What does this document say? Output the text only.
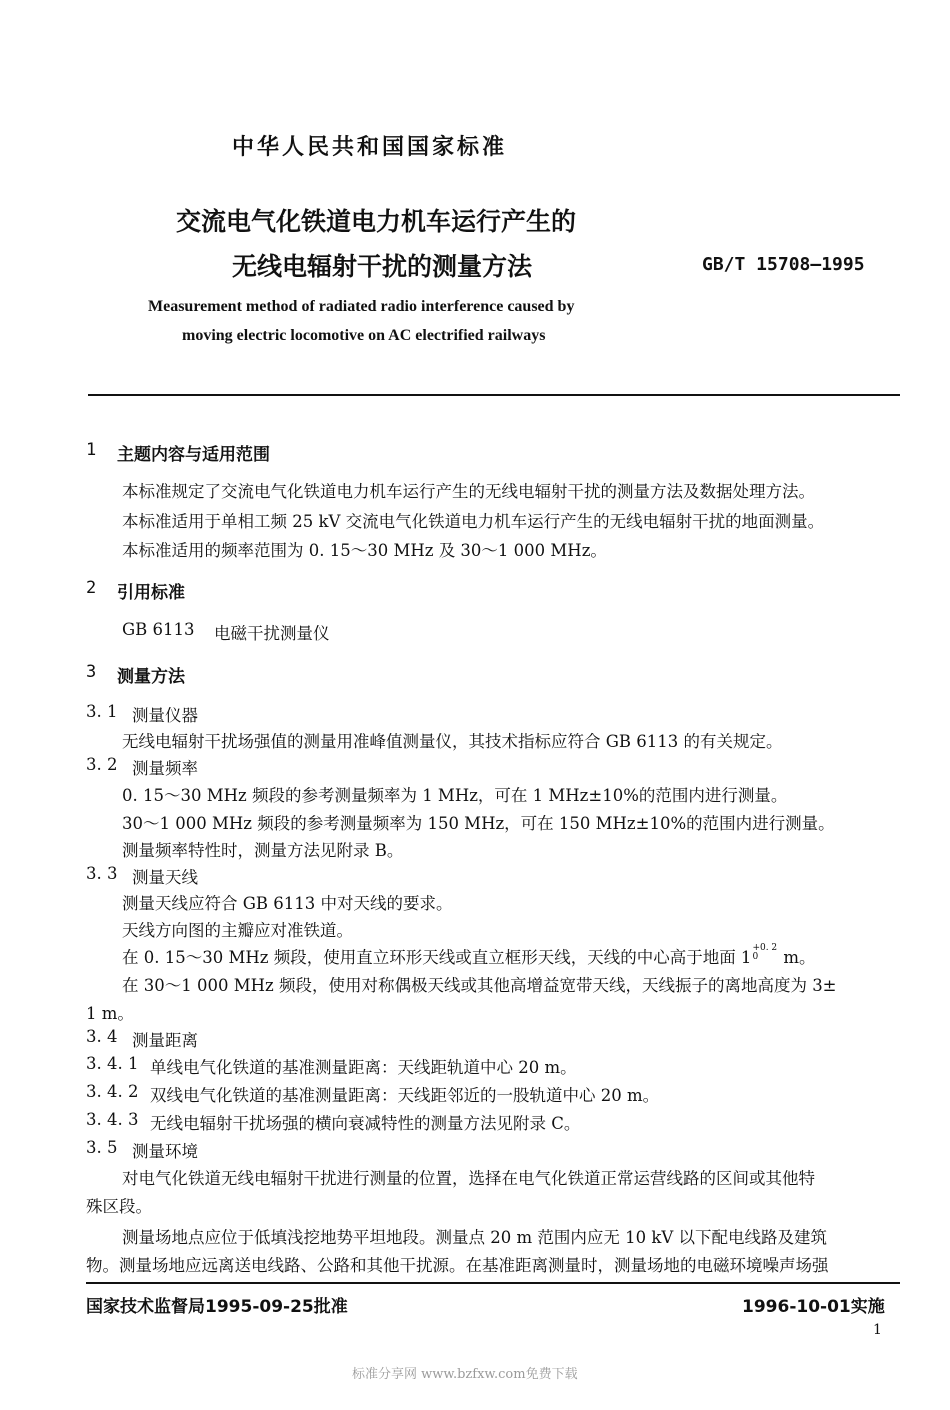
中华人民共和国国家标准
交流电气化铁道电力机车运行产生的
无线电辐射干扰的测量方法	GB/T 15708—1995
Measurement method of radiated radio interference caused by
moving electric locomotive on AC electrified railways
1 主题内容与适用范围
本标准规定了交流电气化铁道电力机车运行产生的无线电辐射干扰的测量方法及数据处理方法。
本标准适用于单相工频 25 kV 交流电气化铁道电力机车运行产生的无线电辐射干扰的地面测量。
本标准适用的频率范围为 0. 15～30 MHz 及 30～1 000 MHz。
2 引用标准
GB 6113 电磁干扰测量仪
3 测量方法
3. 1 测量仪器
无线电辐射干扰场强值的测量用准峰值测量仪，其技术指标应符合 GB 6113 的有关规定。
3. 2 测量频率
0. 15～30 MHz 频段的参考测量频率为 1 MHz，可在 1 MHz±10%的范围内进行测量。
30～1 000 MHz 频段的参考测量频率为 150 MHz，可在 150 MHz±10%的范围内进行测量。
测量频率特性时，测量方法见附录 B。
3. 3 测量天线
测量天线应符合 GB 6113 中对天线的要求。
天线方向图的主瓣应对准铁道。
在 0. 15～30 MHz 频段，使用直立环形天线或直立框形天线，天线的中心高于地面 1 +0. 2
0	m。
在 30～1 000 MHz 频段，使用对称偶极天线或其他高增益宽带天线，天线振子的离地高度为 3±
1 m。
3. 4 测量距离
3. 4. 1 单线电气化铁道的基准测量距离：天线距轨道中心 20 m。
3. 4. 2 双线电气化铁道的基准测量距离：天线距邻近的一股轨道中心 20 m。
3. 4. 3 无线电辐射干扰场强的横向衰减特性的测量方法见附录 C。
3. 5 测量环境
对电气化铁道无线电辐射干扰进行测量的位置，选择在电气化铁道正常运营线路的区间或其他特
殊区段。
测量场地点应位于低填浅挖地势平坦地段。测量点 20 m 范围内应无 10 kV 以下配电线路及建筑
物。测量场地应远离送电线路、公路和其他干扰源。在基准距离测量时，测量场地的电磁环境噪声场强
国家技术监督局1995-09-25批准	1996-10-01实施
1
标准分享网 www.bzfxw.com免费下载
